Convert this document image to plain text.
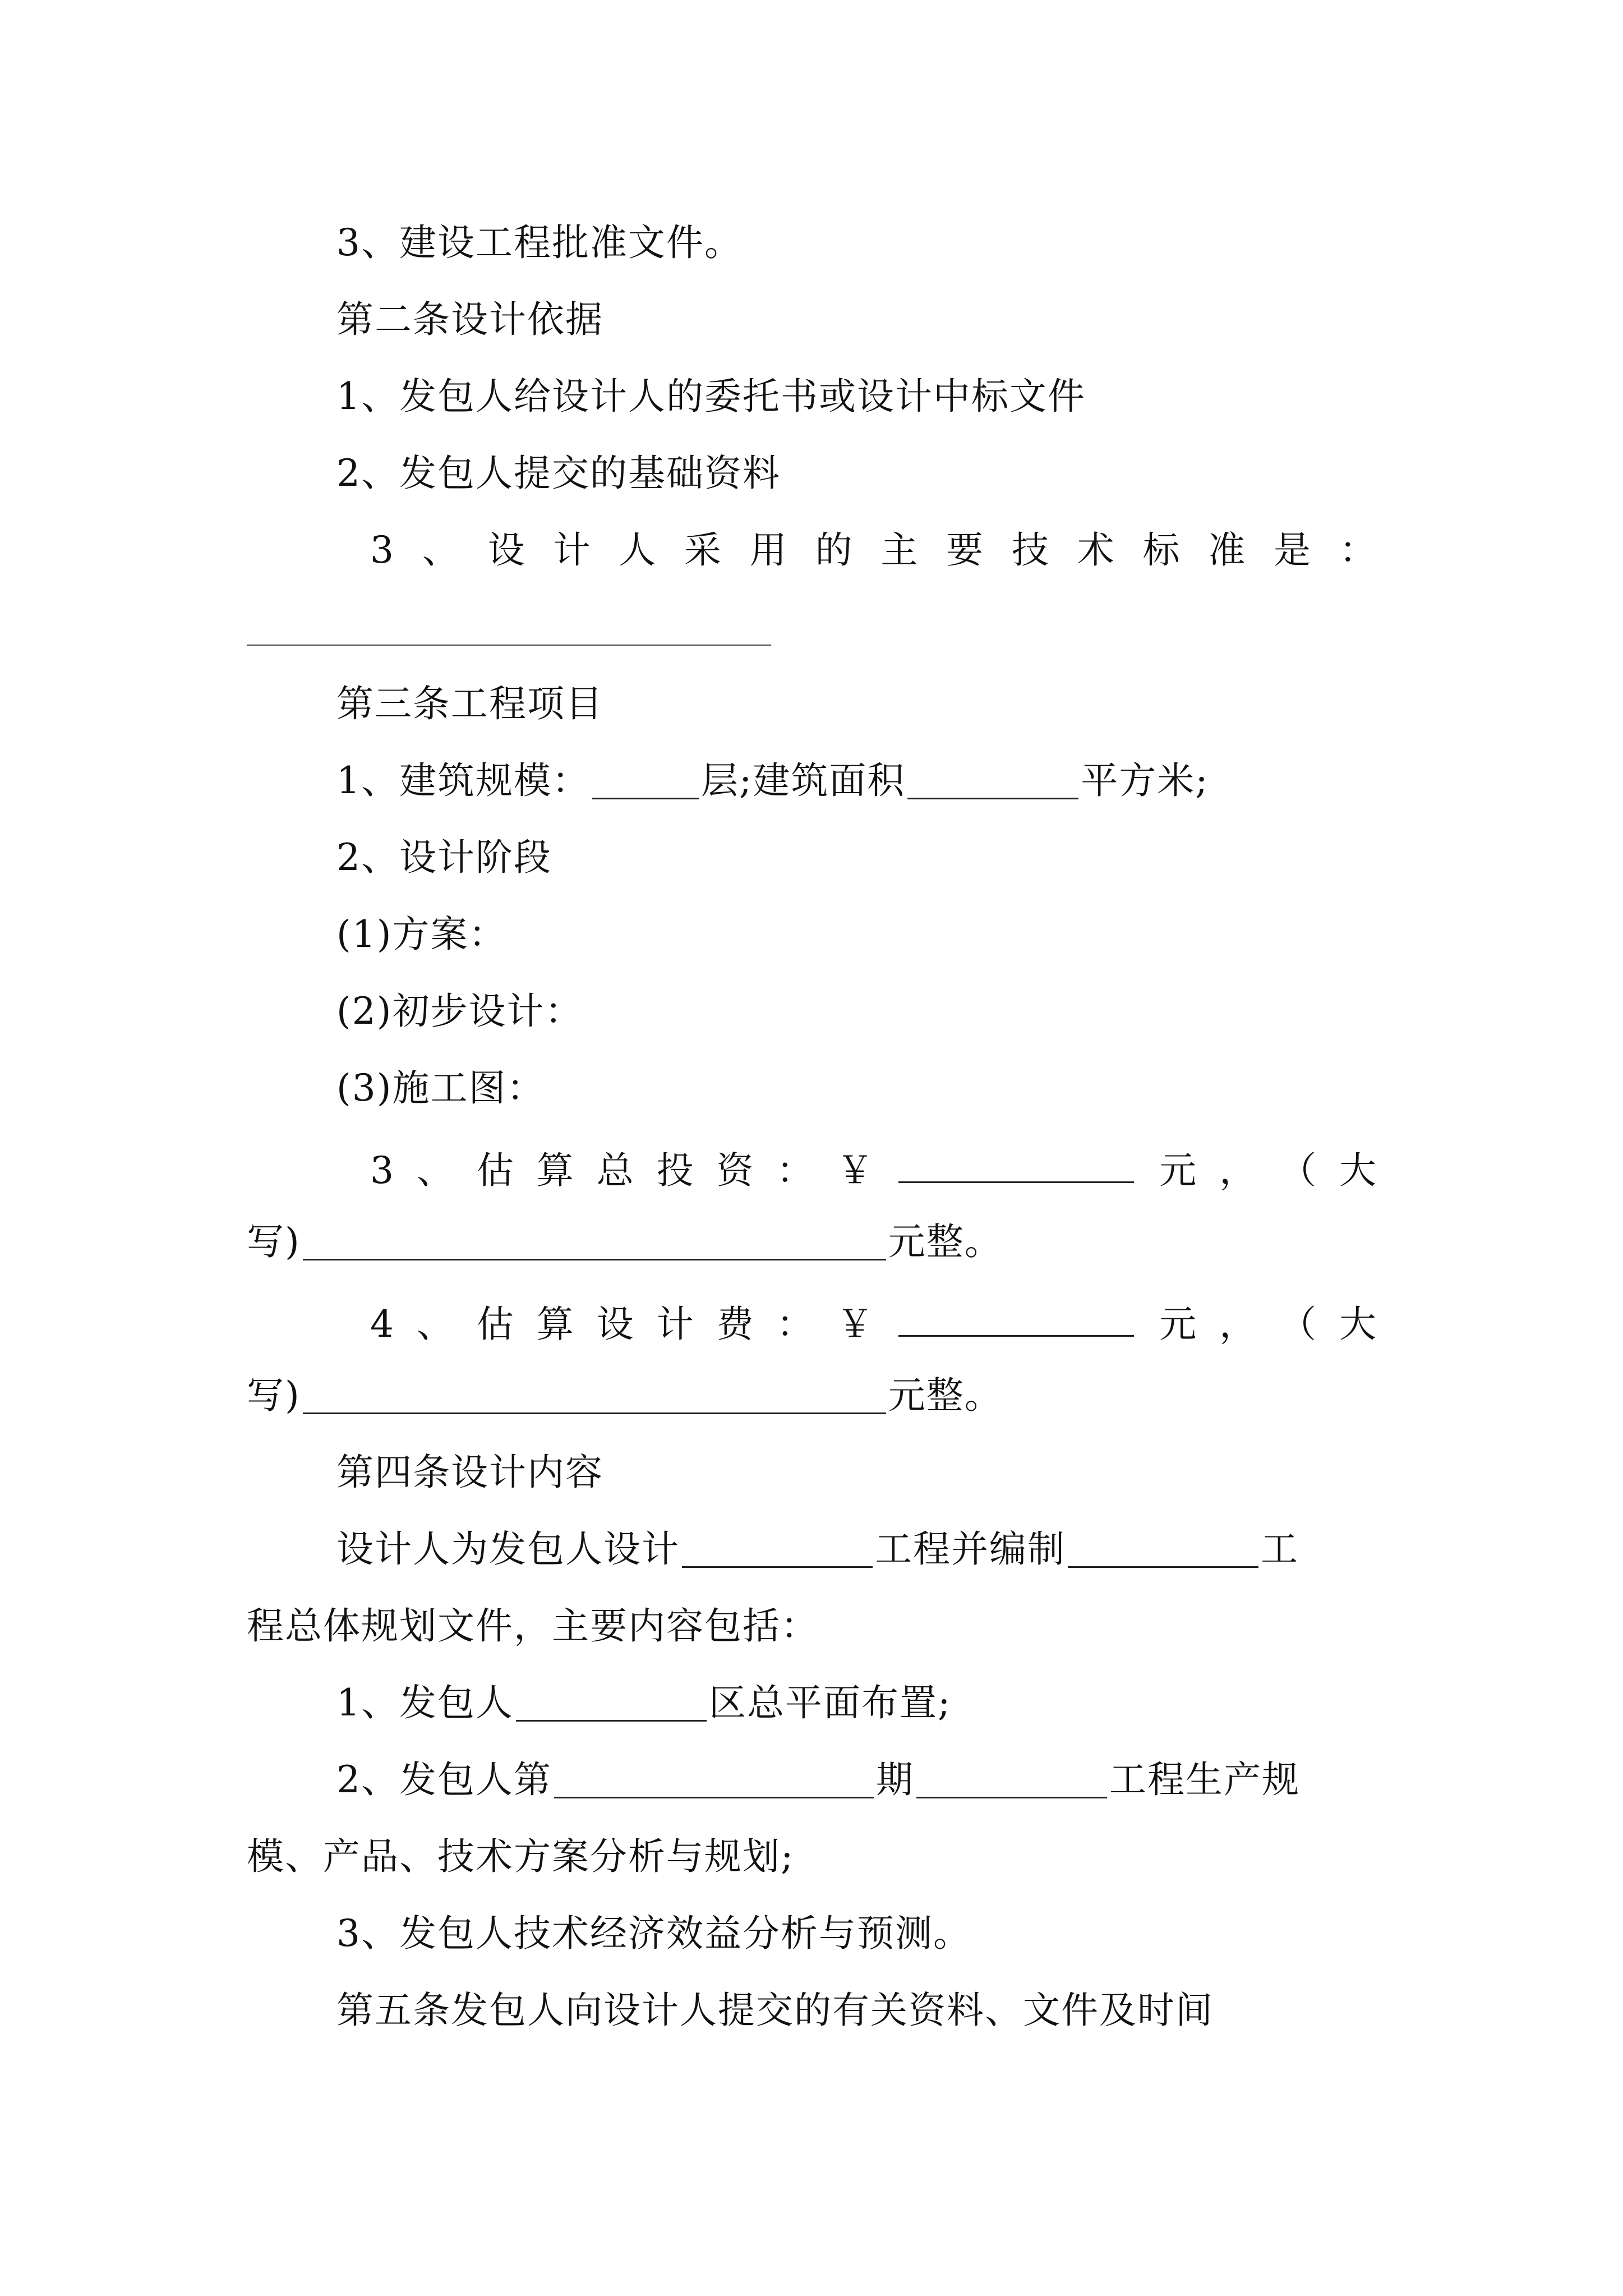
3、建设工程批准文件。
第二条设计依据
1、发包人给设计人的委托书或设计中标文件
2、发包人提交的基础资料
3 、 设 计 人 采 用 的 主 要 技 术 标 准 是 ：
第三条工程项目
1、建筑规模：	层;建筑面积	平方米;
2、设计阶段
(1)方案：
(2)初步设计：
(3)施工图：
3 、 估 算 总 投 资 ： ￥	元 ， （ 大
写)	元整。
4 、 估 算 设 计 费 ： ￥	元 ， （ 大
写)	元整。
第四条设计内容
设计人为发包人设计	工程并编制	工
程总体规划文件，主要内容包括：
1、发包人	区总平面布置;
2、发包人第	期	工程生产规
模、产品、技术方案分析与规划;
3、发包人技术经济效益分析与预测。
第五条发包人向设计人提交的有关资料、文件及时间
